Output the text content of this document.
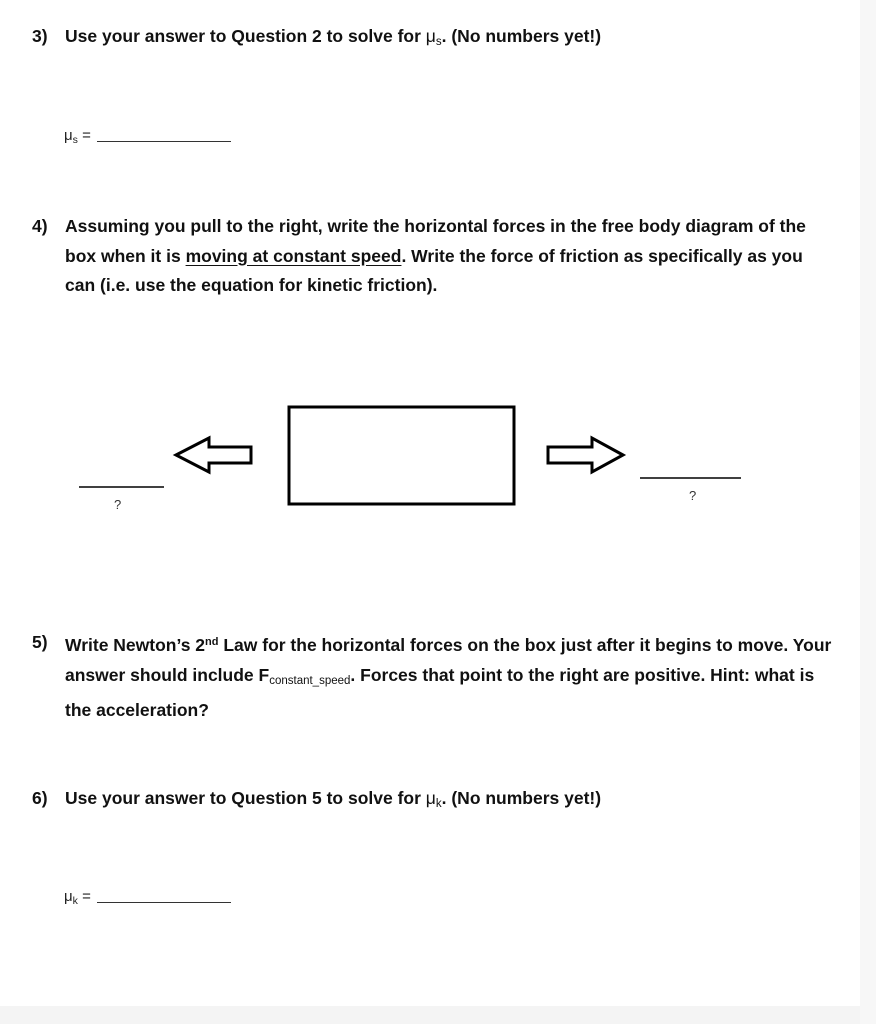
3) Use your answer to Question 2 to solve for $\mu_s$. (No numbers yet!)
$\mu_s$ =
4) Assuming you pull to the right, write the horizontal forces in the free body diagram of the box when it is moving at constant speed. Write the force of friction as specifically as you can (i.e. use the equation for kinetic friction).
?
?
5) Write Newton’s 2nd Law for the horizontal forces on the box just after it begins to move. Your answer should include $F_{constant\_speed}$. Forces that point to the right are positive. Hint: what is the acceleration?
6) Use your answer to Question 5 to solve for $\mu_k$. (No numbers yet!)
$\mu_k$ =
